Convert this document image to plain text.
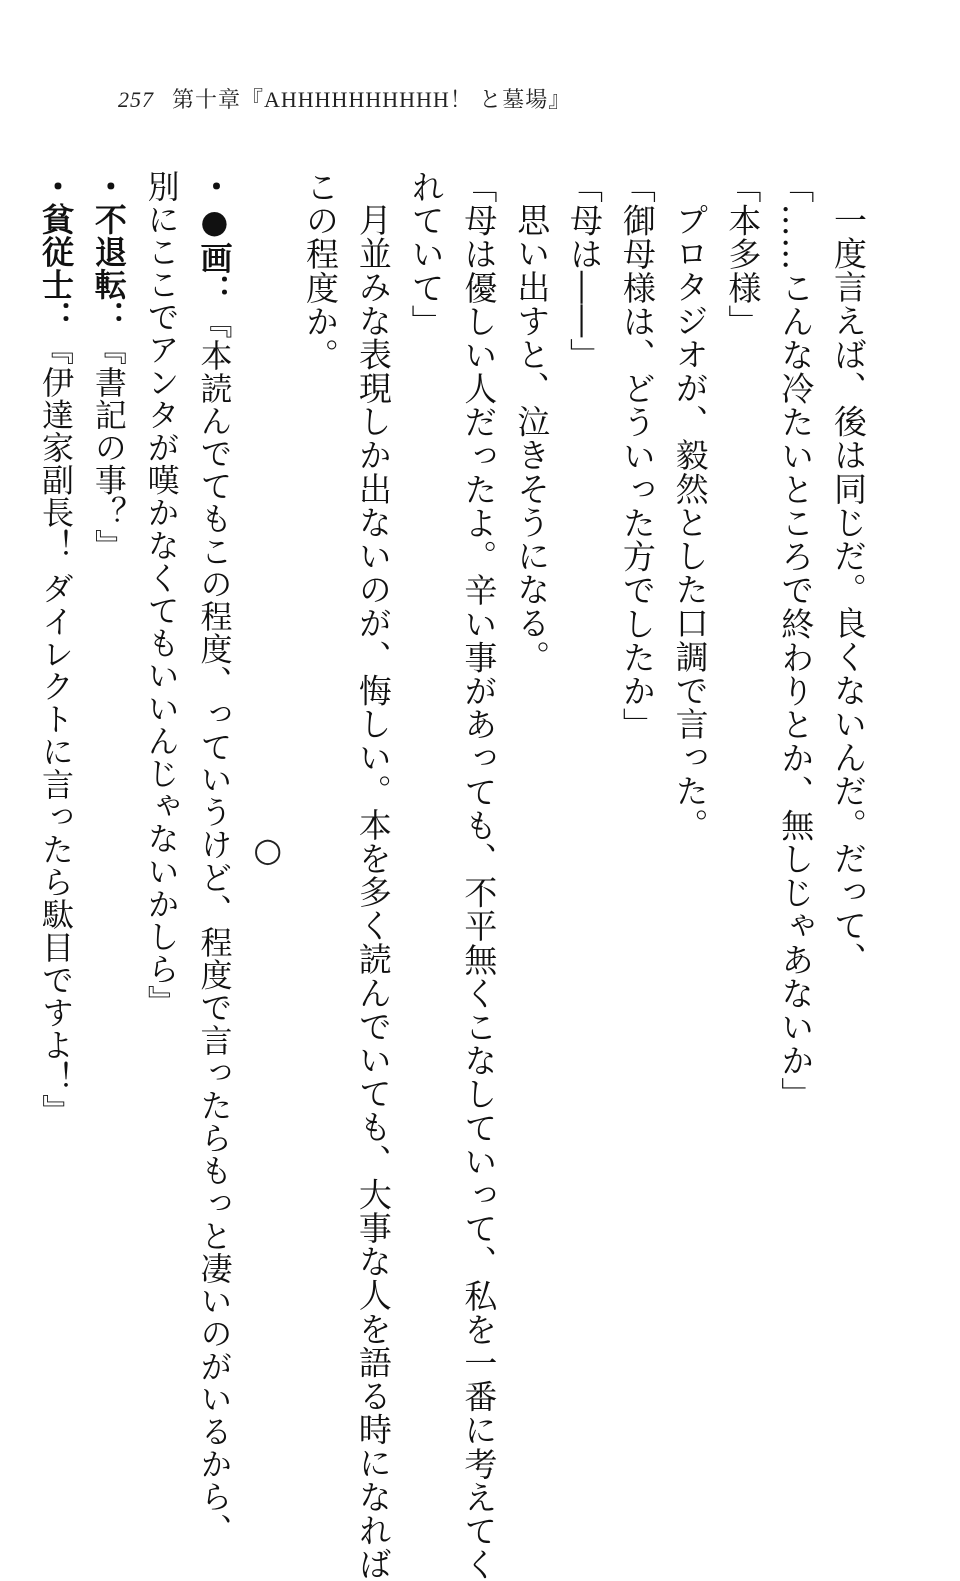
257 第十章『AHHHHHHHHHH！ と墓場』
一度言えば、後は同じだ。良くないんだ。だって、
「……こんな冷たいところで終わりとか、無しじゃあないか」
「本多様」
プロタジオが、毅然とした口調で言った。
「御母様は、どういった方でしたか」
「母は――」
思い出すと、泣きそうになる。
「母は優しい人だったよ。辛い事があっても、不平無くこなしていって、私を一番に考えてく
れていて」
月並みな表現しか出ないのが、悔しい。本を多く読んでいても、大事な人を語る時になれば
この程度か。
○
・●画：『本読んでてもこの程度、っていうけど、程度で言ったらもっと凄いのがいるから、
別にここでアンタが嘆かなくてもいいんじゃないかしら』
・不退転：『書記の事？』
・貧従士：『伊達家副長！ ダイレクトに言ったら駄目ですよ！』
